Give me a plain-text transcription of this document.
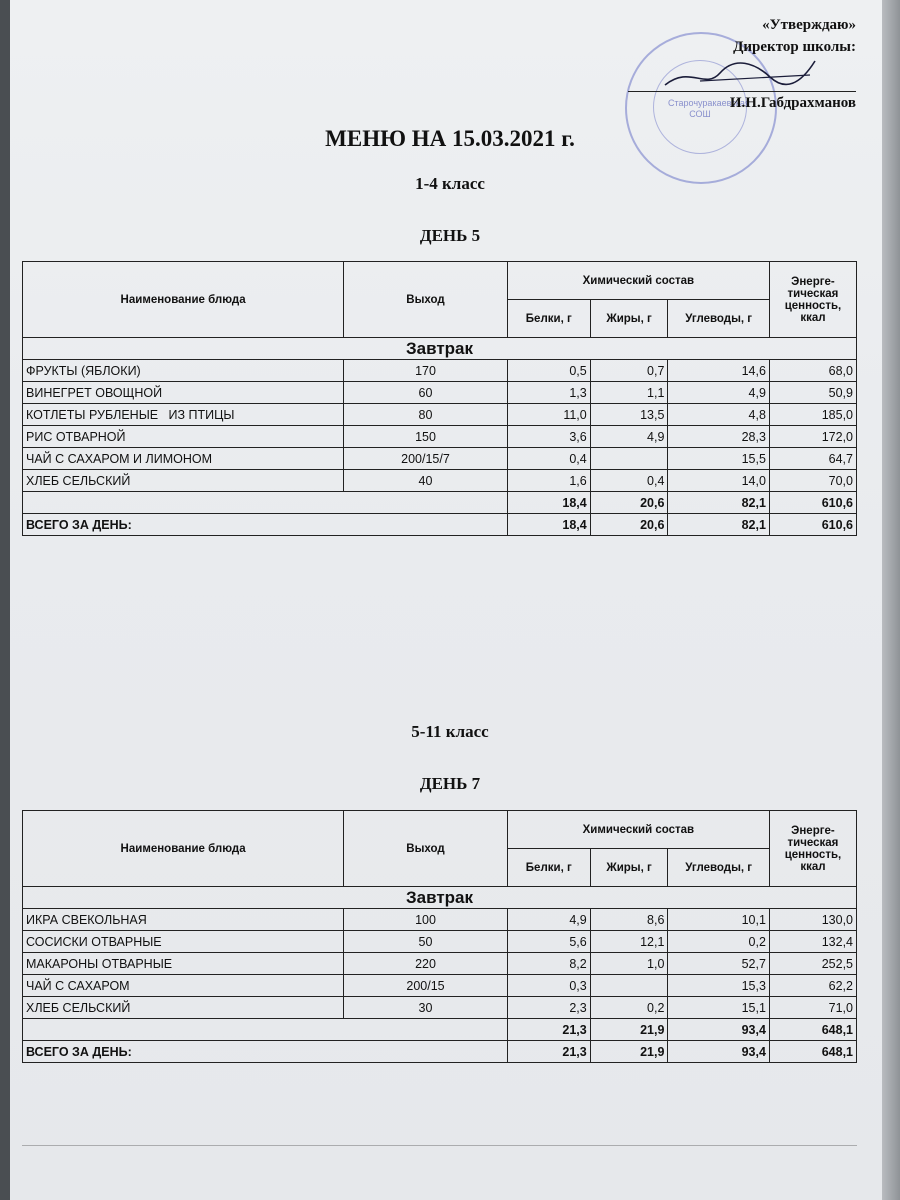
Старочуракаевская СОШ
«Утверждаю»
Директор школы:
И.Н.Габдрахманов
МЕНЮ НА 15.03.2021 г.
1-4 класс
ДЕНЬ 5
Наименование блюда	Выход	Химический состав			Энерге-тическая ценность, ккал
		Белки, г	Жиры, г	Углеводы, г	
Завтрак					
ФРУКТЫ (ЯБЛОКИ)	170	0,5	0,7	14,6	68,0
ВИНЕГРЕТ ОВОЩНОЙ	60	1,3	1,1	4,9	50,9
КОТЛЕТЫ РУБЛЕНЫЕ   ИЗ ПТИЦЫ	80	11,0	13,5	4,8	185,0
РИС ОТВАРНОЙ	150	3,6	4,9	28,3	172,0
ЧАЙ С САХАРОМ И ЛИМОНОМ	200/15/7	0,4		15,5	64,7
ХЛЕБ СЕЛЬСКИЙ	40	1,6	0,4	14,0	70,0
		18,4	20,6	82,1	610,6
ВСЕГО ЗА ДЕНЬ:		18,4	20,6	82,1	610,6
5-11 класс
ДЕНЬ 7
Наименование блюда	Выход	Химический состав			Энерге-тическая ценность, ккал
		Белки, г	Жиры, г	Углеводы, г	
Завтрак					
ИКРА СВЕКОЛЬНАЯ	100	4,9	8,6	10,1	130,0
СОСИСКИ ОТВАРНЫЕ	50	5,6	12,1	0,2	132,4
МАКАРОНЫ ОТВАРНЫЕ	220	8,2	1,0	52,7	252,5
ЧАЙ С САХАРОМ	200/15	0,3		15,3	62,2
ХЛЕБ СЕЛЬСКИЙ	30	2,3	0,2	15,1	71,0
		21,3	21,9	93,4	648,1
ВСЕГО ЗА ДЕНЬ:		21,3	21,9	93,4	648,1
